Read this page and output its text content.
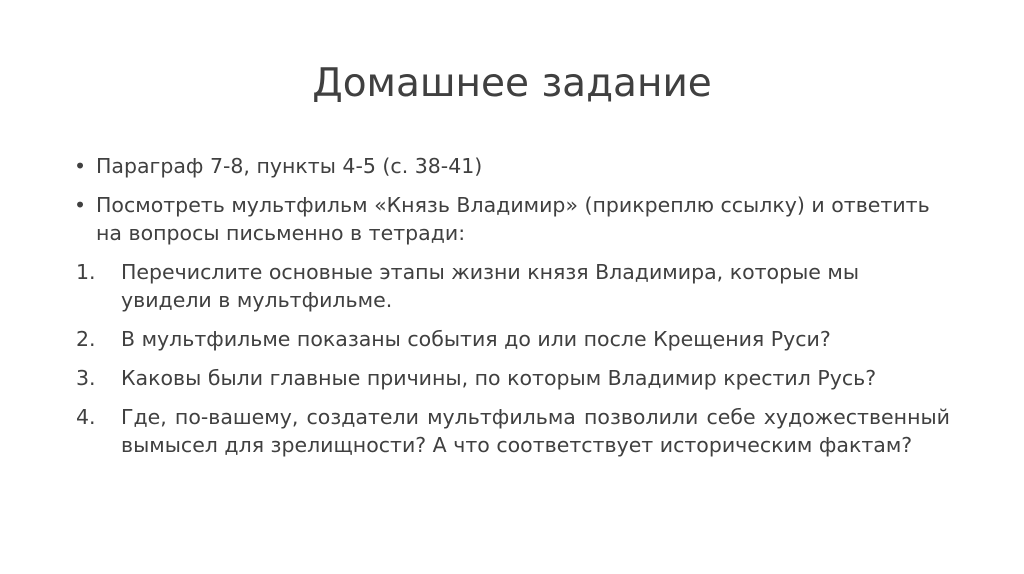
Домашнее задание
• Параграф 7-8, пункты 4-5 (с. 38-41)
• Посмотреть мультфильм «Князь Владимир» (прикреплю ссылку) и ответить на вопросы письменно в тетради:
1.	Перечислите основные этапы жизни князя Владимира, которые мы увидели в мультфильме.
2.	В мультфильме показаны события до или после Крещения Руси?
3.	Каковы были главные причины, по которым Владимир крестил Русь?
4.	Где, по-вашему, создатели мультфильма позволили себе художественный вымысел для зрелищности? А что соответствует историческим фактам?
